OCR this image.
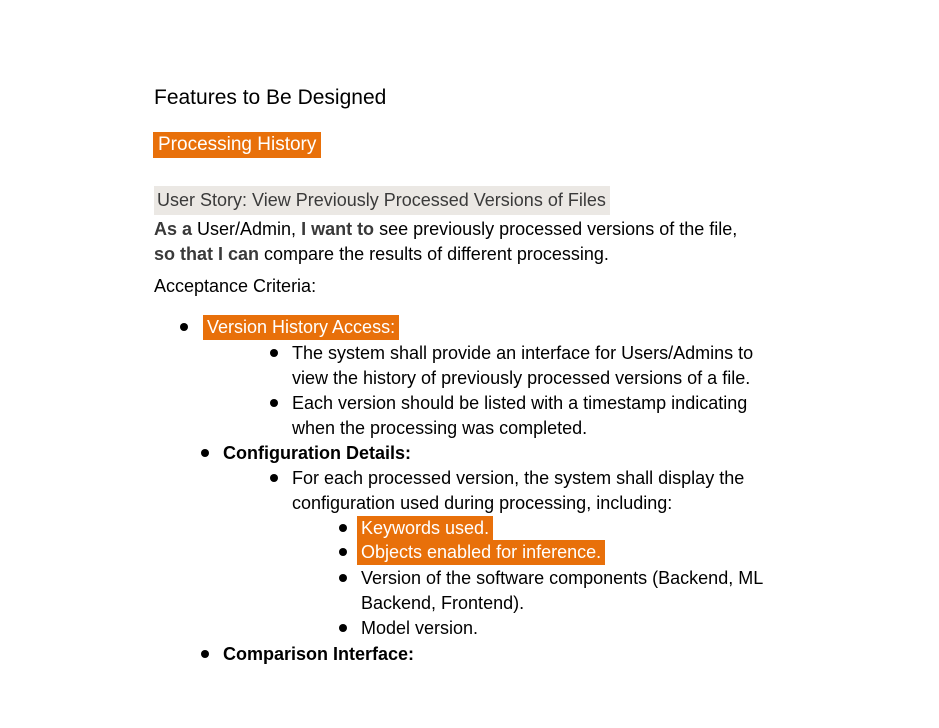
Features to Be Designed
Processing History
User Story: View Previously Processed Versions of Files
As a User/Admin, I want to see previously processed versions of the file,
so that I can compare the results of different processing.
Acceptance Criteria:
Version History Access:
The system shall provide an interface for Users/Admins to
view the history of previously processed versions of a file.
Each version should be listed with a timestamp indicating
when the processing was completed.
Configuration Details:
For each processed version, the system shall display the
configuration used during processing, including:
Keywords used.
Objects enabled for inference.
Version of the software components (Backend, ML
Backend, Frontend).
Model version.
Comparison Interface:
